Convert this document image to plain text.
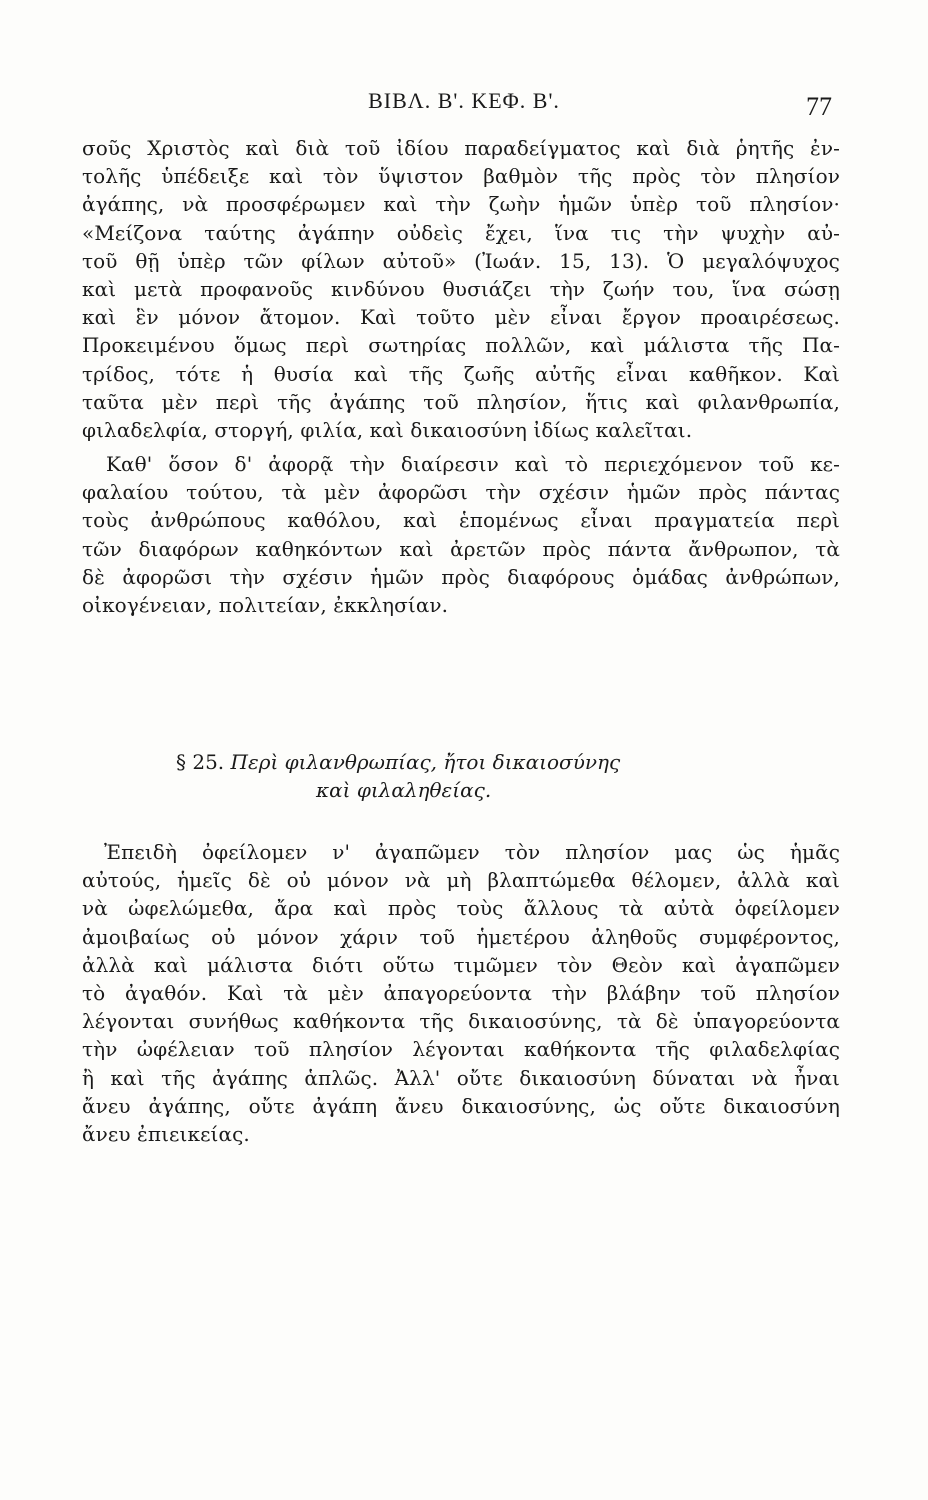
ΒΙΒΛ. Β'. ΚΕΦ. Β'.	77
σοῦς Χριστὸς καὶ διὰ τοῦ ἰδίου παραδείγματος καὶ διὰ ῥητῆς ἐν-
τολῆς ὑπέδειξε καὶ τὸν ὕψιστον βαθμὸν τῆς πρὸς τὸν πλησίον
ἀγάπης, νὰ προσφέρωμεν καὶ τὴν ζωὴν ἡμῶν ὑπὲρ τοῦ πλησίον·
«Μείζονα ταύτης ἀγάπην οὐδεὶς ἔχει, ἵνα τις τὴν ψυχὴν αὐ-
τοῦ θῇ ὑπὲρ τῶν φίλων αὐτοῦ» (Ἰωάν. 15, 13). Ὁ μεγαλόψυχος
καὶ μετὰ προφανοῦς κινδύνου θυσιάζει τὴν ζωήν του, ἵνα σώσῃ
καὶ ἓν μόνον ἄτομον. Καὶ τοῦτο μὲν εἶναι ἔργον προαιρέσεως.
Προκειμένου ὅμως περὶ σωτηρίας πολλῶν, καὶ μάλιστα τῆς Πα-
τρίδος, τότε ἡ θυσία καὶ τῆς ζωῆς αὐτῆς εἶναι καθῆκον. Καὶ
ταῦτα μὲν περὶ τῆς ἀγάπης τοῦ πλησίον, ἥτις καὶ φιλανθρωπία,
φιλαδελφία, στοργή, φιλία, καὶ δικαιοσύνη ἰδίως καλεῖται.
Καθ' ὅσον δ' ἀφορᾷ τὴν διαίρεσιν καὶ τὸ περιεχόμενον τοῦ κε-
φαλαίου τούτου, τὰ μὲν ἀφορῶσι τὴν σχέσιν ἡμῶν πρὸς πάντας
τοὺς ἀνθρώπους καθόλου, καὶ ἑπομένως εἶναι πραγματεία περὶ
τῶν διαφόρων καθηκόντων καὶ ἀρετῶν πρὸς πάντα ἄνθρωπον, τὰ
δὲ ἀφορῶσι τὴν σχέσιν ἡμῶν πρὸς διαφόρους ὁμάδας ἀνθρώπων,
οἰκογένειαν, πολιτείαν, ἐκκλησίαν.
§ 25. Περὶ φιλανθρωπίας, ἤτοι δικαιοσύνης
καὶ φιλαληθείας.
Ἐπειδὴ ὀφείλομεν ν' ἀγαπῶμεν τὸν πλησίον μας ὡς ἡμᾶς
αὐτούς, ἡμεῖς δὲ οὐ μόνον νὰ μὴ βλαπτώμεθα θέλομεν, ἀλλὰ καὶ
νὰ ὠφελώμεθα, ἄρα καὶ πρὸς τοὺς ἄλλους τὰ αὐτὰ ὀφείλομεν
ἀμοιβαίως οὐ μόνον χάριν τοῦ ἡμετέρου ἀληθοῦς συμφέροντος,
ἀλλὰ καὶ μάλιστα διότι οὕτω τιμῶμεν τὸν Θεὸν καὶ ἀγαπῶμεν
τὸ ἀγαθόν. Καὶ τὰ μὲν ἀπαγορεύοντα τὴν βλάβην τοῦ πλησίον
λέγονται συνήθως καθήκοντα τῆς δικαιοσύνης, τὰ δὲ ὑπαγορεύοντα
τὴν ὠφέλειαν τοῦ πλησίον λέγονται καθήκοντα τῆς φιλαδελφίας
ἢ καὶ τῆς ἀγάπης ἁπλῶς. Ἀλλ' οὔτε δικαιοσύνη δύναται νὰ ἦναι
ἄνευ ἀγάπης, οὔτε ἀγάπη ἄνευ δικαιοσύνης, ὡς οὔτε δικαιοσύνη
ἄνευ ἐπιεικείας.
